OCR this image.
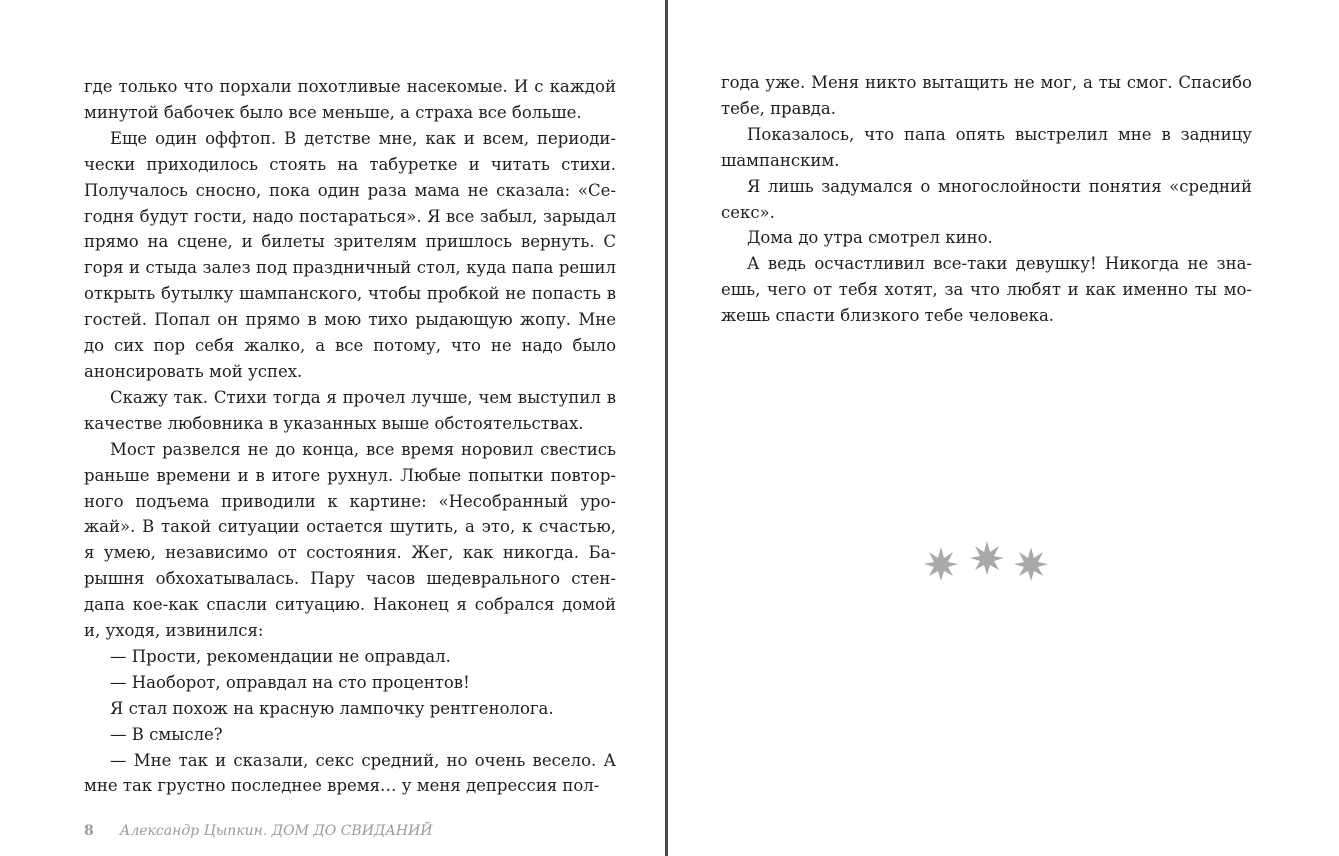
где только что порхали похотливые насекомые. И с каждой минутой бабочек было все меньше, а страха все больше.

Еще один оффтоп. В детстве мне, как и всем, периодически приходилось стоять на табуретке и читать стихи. Получалось сносно, пока один раза мама не сказала: «Сегодня будут гости, надо постараться». Я все забыл, зарыдал прямо на сцене, и билеты зрителям пришлось вернуть. С горя и стыда залез под праздничный стол, куда папа решил открыть бутылку шампанского, чтобы пробкой не попасть в гостей. Попал он прямо в мою тихо рыдающую жопу. Мне до сих пор себя жалко, а все потому, что не надо было анонсировать мой успех.

Скажу так. Стихи тогда я прочел лучше, чем выступил в качестве любовника в указанных выше обстоятельствах.

Мост развелся не до конца, все время норовил свестись раньше времени и в итоге рухнул. Любые попытки повторного подъема приводили к картине: «Несобранный урожай». В такой ситуации остается шутить, а это, к счастью, я умею, независимо от состояния. Жег, как никогда. Барышня обхохатывалась. Пару часов шедеврального стендапа кое-как спасли ситуацию. Наконец я собрался домой и, уходя, извинился:

— Прости, рекомендации не оправдал.

— Наоборот, оправдал на сто процентов!

Я стал похож на красную лампочку рентгенолога.

— В смысле?

— Мне так и сказали, секс средний, но очень весело. А мне так грустно последнее время… у меня депрессия пол-

года уже. Меня никто вытащить не мог, а ты смог. Спасибо тебе, правда.

Показалось, что папа опять выстрелил мне в задницу шампанским.

Я лишь задумался о многослойности понятия «средний секс».

Дома до утра смотрел кино.

А ведь осчастливил все-таки девушку! Никогда не знаешь, чего от тебя хотят, за что любят и как именно ты можешь спасти близкого тебе человека.

8 Александр Цыпкин. ДОМ ДО СВИДАНИЙ
